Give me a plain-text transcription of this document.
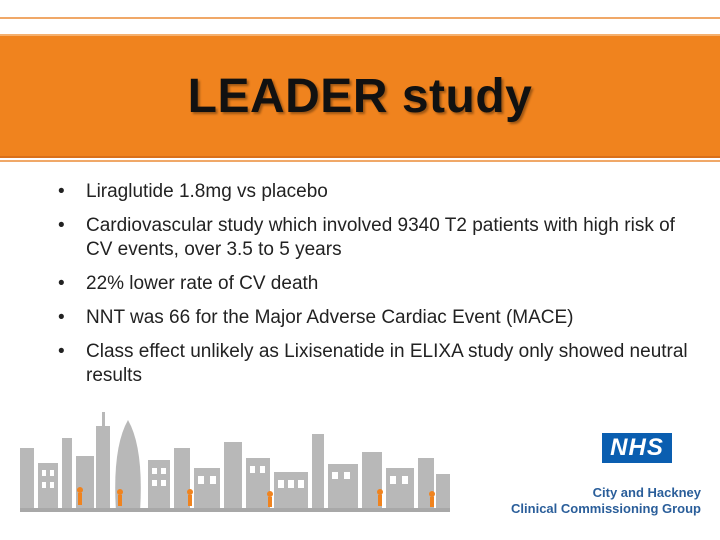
LEADER study
• Liraglutide 1.8mg vs placebo
• Cardiovascular study which involved 9340 T2 patients with high risk of CV events, over 3.5 to 5 years
• 22% lower rate of CV death
• NNT was 66 for the Major Adverse Cardiac Event (MACE)
• Class effect unlikely as Lixisenatide in ELIXA study only showed neutral results
NHS
City and Hackney
Clinical Commissioning Group
